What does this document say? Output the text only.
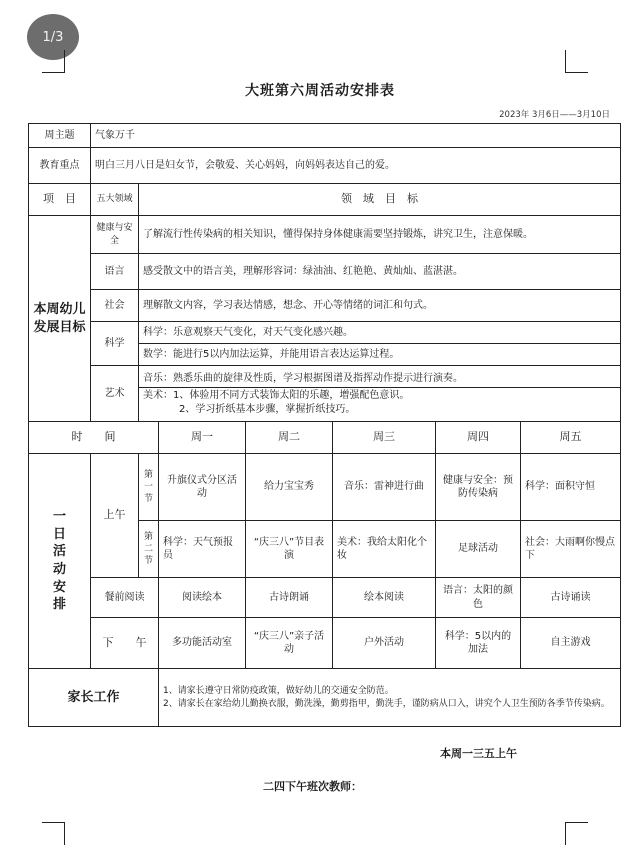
1/3
大班第六周活动安排表
2023年 3月6日——3月10日
周主题	气象万千						
教育重点	明白三月八日是妇女节，会敬爱、关心妈妈，向妈妈表达自己的爱。						
项　目	五大领域	领　域　目　标					
本周幼儿发展目标	健康与安全	了解流行性传染病的相关知识，懂得保持身体健康需要坚持锻炼，讲究卫生，注意保暖。					
	语言	感受散文中的语言美，理解形容词：绿油油、红艳艳、黄灿灿、蓝湛湛。					
	社会	理解散文内容，学习表达情感，想念、开心等情绪的词汇和句式。					
	科学	科学：乐意观察天气变化，对天气变化感兴趣。					
		数学：能进行5以内加法运算，并能用语言表达运算过程。					
	艺术	音乐：熟悉乐曲的旋律及性质，学习根据图谱及指挥动作提示进行演奏。
美术：1、体验用不同方式装饰太阳的乐趣，增强配色意识。
2、学习折纸基本步骤，掌握折纸技巧。					

时　　间			周一	周二	周三	周四	周五
一日活动安排	上午	第一节	升旗仪式分区活动	给力宝宝秀	音乐：雷神进行曲	健康与安全：预防传染病	科学：面积守恒
		第二节	科学：天气预报员	“庆三八”节目表演	美术：我给太阳化个妆	足球活动	社会：大雨啊你慢点下
	餐前阅读		阅读绘本	古诗朗诵	绘本阅读	语言：太阳的颜色	古诗诵读
	下　　午		多功能活动室	“庆三八”亲子活动	户外活动	科学：5以内的加法	自主游戏
家长工作			1、请家长遵守日常防疫政策，做好幼儿的交通安全防范。
2、请家长在家给幼儿勤换衣服，勤洗澡，勤剪指甲，勤洗手，谨防病从口入，讲究个人卫生预防各季节传染病。				
本周一三五上午
二四下午班次教师：
